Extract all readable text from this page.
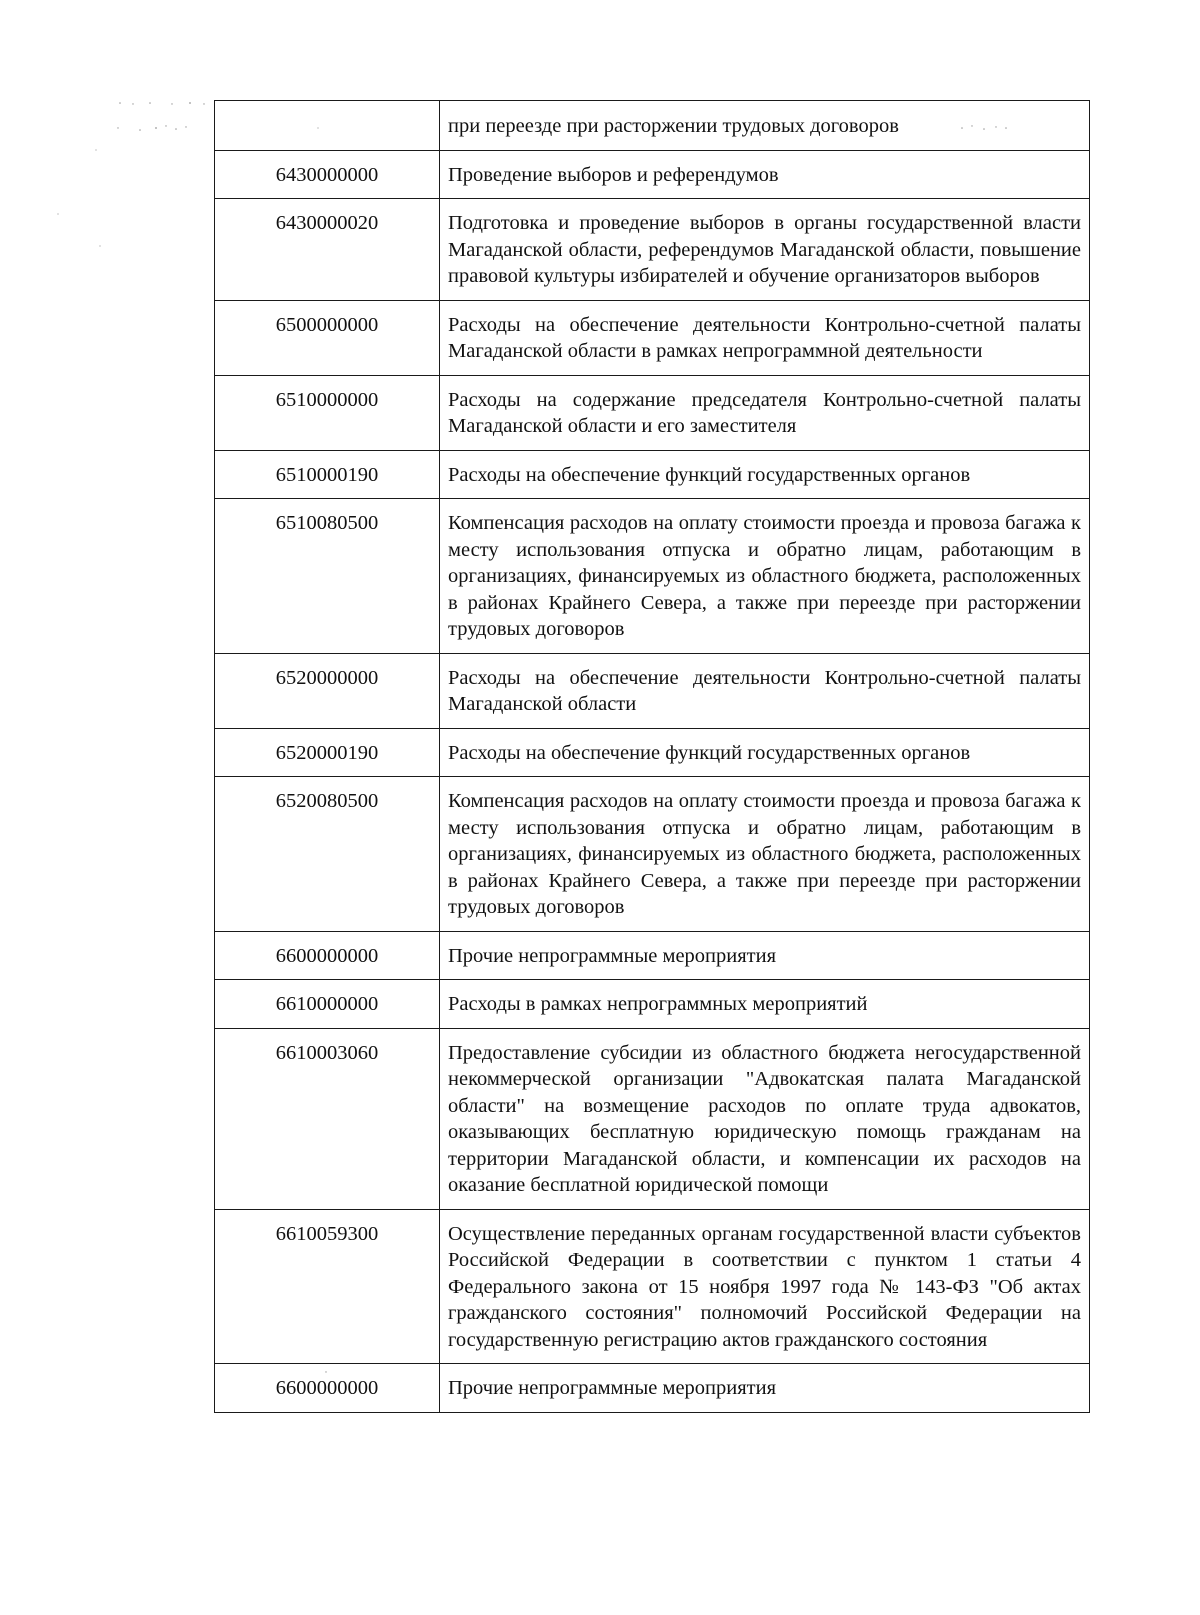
	при переезде при расторжении трудовых договоров
6430000000	Проведение выборов и референдумов
6430000020	Подготовка и проведение выборов в органы государственной власти Магаданской области, референдумов Магаданской области, повышение правовой культуры избирателей и обучение организаторов выборов
6500000000	Расходы на обеспечение деятельности Контрольно-счетной палаты Магаданской области в рамках непрограммной деятельности
6510000000	Расходы на содержание председателя Контрольно-счетной палаты Магаданской области и его заместителя
6510000190	Расходы на обеспечение функций государственных органов
6510080500	Компенсация расходов на оплату стоимости проезда и провоза багажа к месту использования отпуска и обратно лицам, работающим в организациях, финансируемых из областного бюджета, расположенных в районах Крайнего Севера, а также при переезде при расторжении трудовых договоров
6520000000	Расходы на обеспечение деятельности Контрольно-счетной палаты Магаданской области
6520000190	Расходы на обеспечение функций государственных органов
6520080500	Компенсация расходов на оплату стоимости проезда и провоза багажа к месту использования отпуска и обратно лицам, работающим в организациях, финансируемых из областного бюджета, расположенных в районах Крайнего Севера, а также при переезде при расторжении трудовых договоров
6600000000	Прочие непрограммные мероприятия
6610000000	Расходы в рамках непрограммных мероприятий
6610003060	Предоставление субсидии из областного бюджета негосударственной некоммерческой организации "Адвокатская палата Магаданской области" на возмещение расходов по оплате труда адвокатов, оказывающих бесплатную юридическую помощь гражданам на территории Магаданской области, и компенсации их расходов на оказание бесплатной юридической помощи
6610059300	Осуществление переданных органам государственной власти субъектов Российской Федерации в соответствии с пунктом 1 статьи 4 Федерального закона от 15 ноября 1997 года № 143-ФЗ "Об актах гражданского состояния" полномочий Российской Федерации на государственную регистрацию актов гражданского состояния
6600000000	Прочие непрограммные мероприятия
